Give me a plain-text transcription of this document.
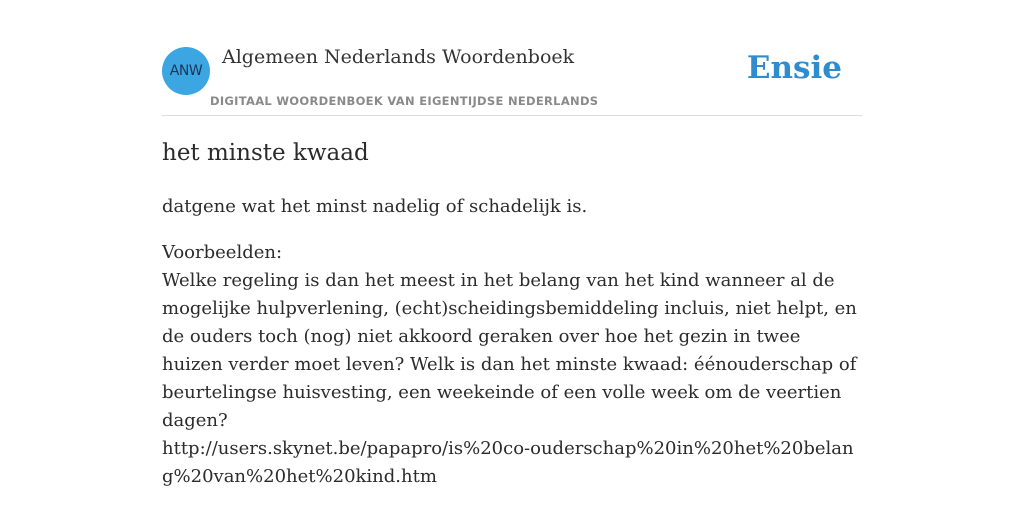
ANW
Algemeen Nederlands Woordenboek
DIGITAAL WOORDENBOEK VAN EIGENTIJDSE NEDERLANDS
Ensie
het minste kwaad

datgene wat het minst nadelig of schadelijk is.

Voorbeelden:

Welke regeling is dan het meest in het belang van het kind wanneer al de mogelijke hulpverlening, (echt)scheidingsbemiddeling incluis, niet helpt, en de ouders toch (nog) niet akkoord geraken over hoe het gezin in twee huizen verder moet leven? Welk is dan het minste kwaad: éénouderschap of beurtelingse huisvesting, een weekeinde of een volle week om de veertien dagen?

http://users.skynet.be/papapro/is%20co-ouderschap%20in%20het%20belang%20van%20het%20kind.htm
